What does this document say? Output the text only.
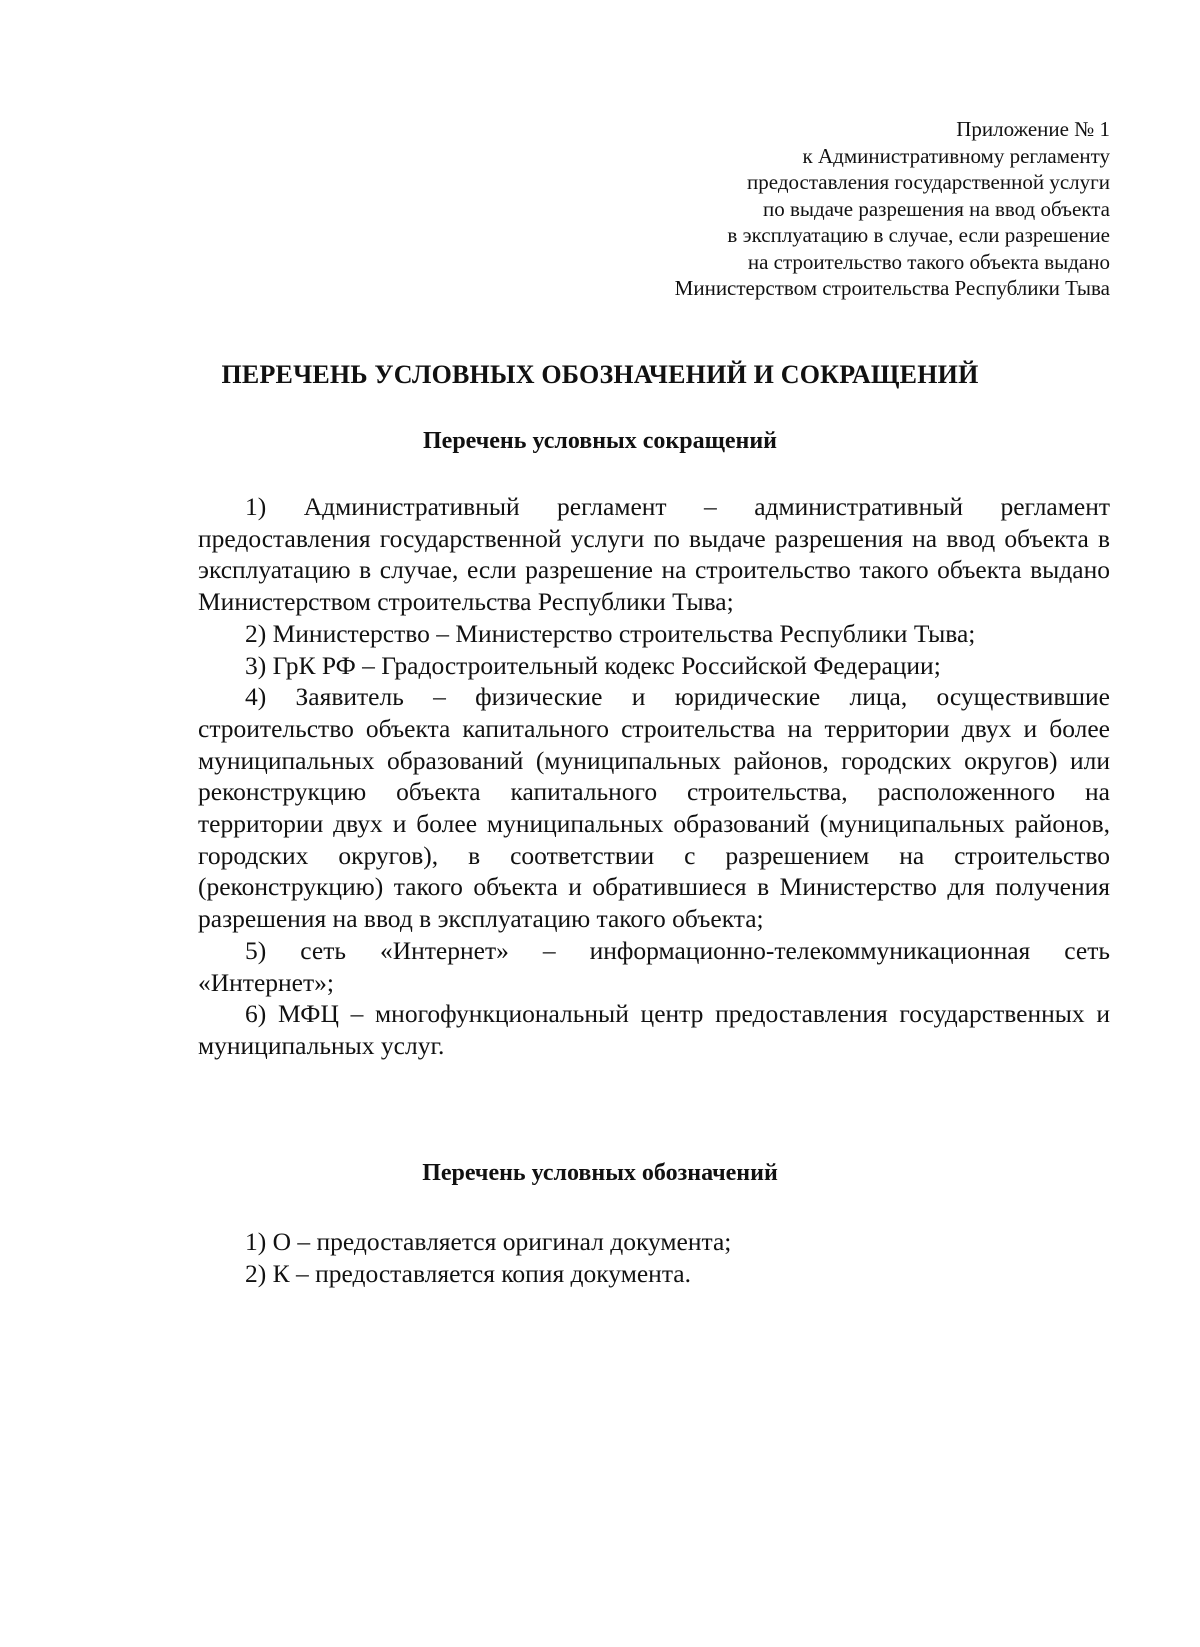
Приложение № 1
к Административному регламенту
предоставления государственной услуги
по выдаче разрешения на ввод объекта
в эксплуатацию в случае, если разрешение
на строительство такого объекта выдано
Министерством строительства Республики Тыва
ПЕРЕЧЕНЬ УСЛОВНЫХ ОБОЗНАЧЕНИЙ И СОКРАЩЕНИЙ
Перечень условных сокращений

1) Административный регламент – административный регламент предоставления государственной услуги по выдаче разрешения на ввод объекта в эксплуатацию в случае, если разрешение на строительство такого объекта выдано Министерством строительства Республики Тыва;

2) Министерство – Министерство строительства Республики Тыва;

3) ГрК РФ – Градостроительный кодекс Российской Федерации;

4) Заявитель – физические и юридические лица, осуществившие строительство объекта капитального строительства на территории двух и более муниципальных образований (муниципальных районов, городских округов) или реконструкцию объекта капитального строительства, расположенного на территории двух и более муниципальных образований (муниципальных районов, городских округов), в соответствии с разрешением на строительство (реконструкцию) такого объекта и обратившиеся в Министерство для получения разрешения на ввод в эксплуатацию такого объекта;

5) сеть «Интернет» – информационно-телекоммуникационная сеть «Интернет»;

6) МФЦ – многофункциональный центр предоставления государственных и муниципальных услуг.

Перечень условных обозначений

1) О – предоставляется оригинал документа;

2) К – предоставляется копия документа.
